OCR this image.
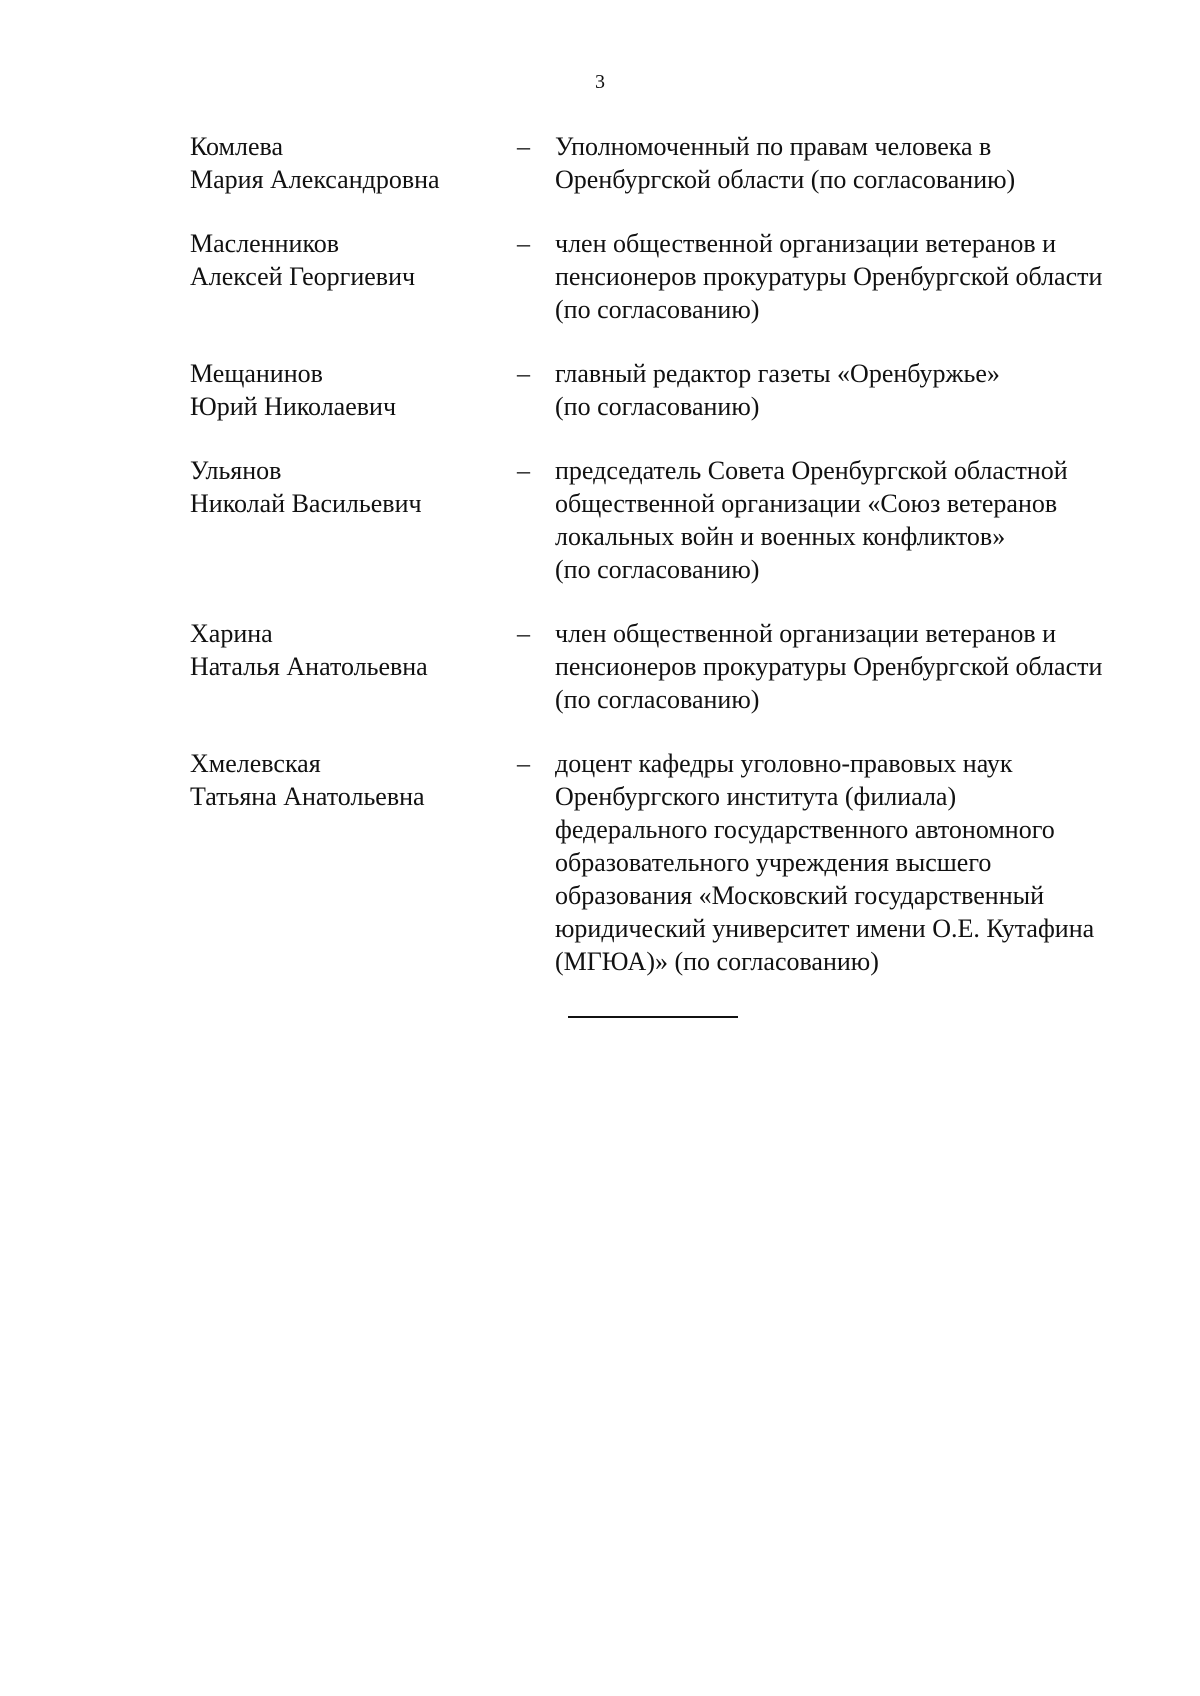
3
Комлева
Мария Александровна
– Уполномоченный по правам человека в
Оренбургской области (по согласованию)
Масленников
Алексей Георгиевич
– член общественной организации ветеранов и
пенсионеров прокуратуры Оренбургской области
(по согласованию)
Мещанинов
Юрий Николаевич
– главный редактор газеты «Оренбуржье»
(по согласованию)
Ульянов
Николай Васильевич
– председатель Совета Оренбургской областной
общественной организации «Союз ветеранов
локальных войн и военных конфликтов»
(по согласованию)
Харина
Наталья Анатольевна
– член общественной организации ветеранов и
пенсионеров прокуратуры Оренбургской области
(по согласованию)
Хмелевская
Татьяна Анатольевна
– доцент кафедры уголовно-правовых наук
Оренбургского института (филиала)
федерального государственного автономного
образовательного учреждения высшего
образования «Московский государственный
юридический университет имени О.Е. Кутафина
(МГЮА)» (по согласованию)
